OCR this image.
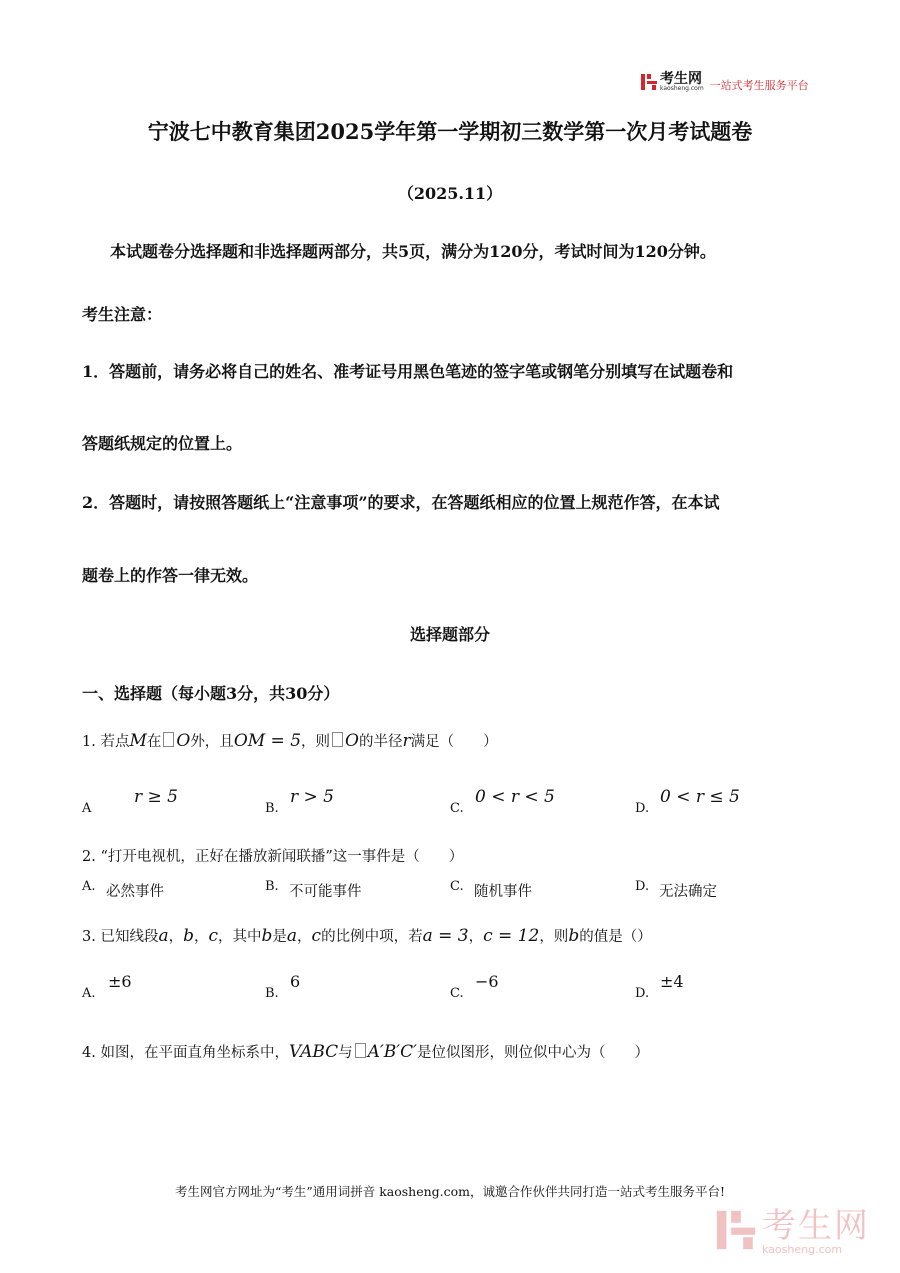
考生网
kaosheng.com 一站式考生服务平台
宁波七中教育集团2025学年第一学期初三数学第一次月考试题卷
（2025.11）
本试题卷分选择题和非选择题两部分，共5页，满分为120分，考试时间为120分钟。
考生注意：
1．答题前，请务必将自己的姓名、准考证号用黑色笔迹的签字笔或钢笔分别填写在试题卷和
答题纸规定的位置上。
2．答题时，请按照答题纸上“注意事项”的要求，在答题纸相应的位置上规范作答，在本试
题卷上的作答一律无效。
选择题部分
一、选择题（每小题3分，共30分）
1. 若点M在 O外，且OM = 5，则 O的半径r满足（　　）
A
r ≥ 5
B.
r > 5
C.
0 < r < 5
D.
0 < r ≤ 5
2. “打开电视机，正好在播放新闻联播”这一事件是（　　）
A. 必然事件	B. 不可能事件	C. 随机事件	D. 无法确定
3. 已知线段a，b，c，其中b是a，c的比例中项，若a = 3，c = 12，则b的值是（）
A.
±6
B.
6
C.
−6
D.
±4
4. 如图，在平面直角坐标系中，VABC与 A′B′C′是位似图形，则位似中心为（　　）
考生网官方网址为“考生”通用词拼音 kaosheng.com，诚邀合作伙伴共同打造一站式考生服务平台!
考生网
kaosheng.com
